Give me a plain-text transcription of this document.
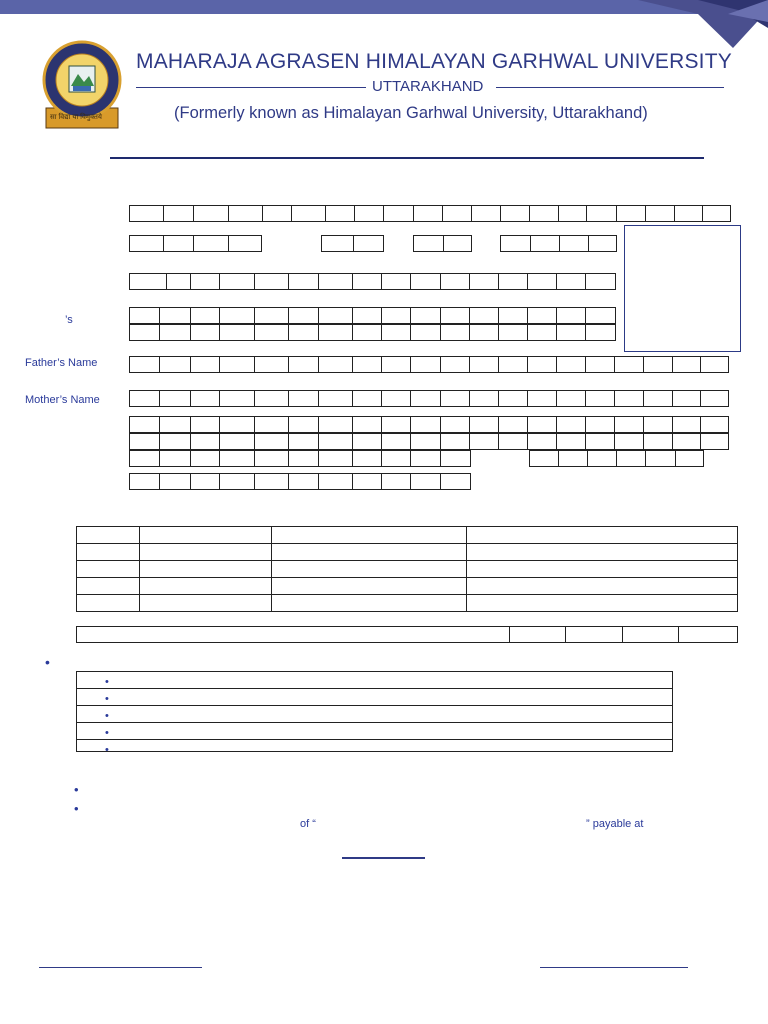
सा विद्या या विमुक्तये
MAHARAJA AGRASEN HIMALAYAN GARHWAL UNIVERSITY
UTTARAKHAND
(Formerly known as Himalayan Garhwal University, Uttarakhand)
’s
Father’s Name
Mother’s Name

•
•
•
•
•
•
•
•
of “	” payable at
